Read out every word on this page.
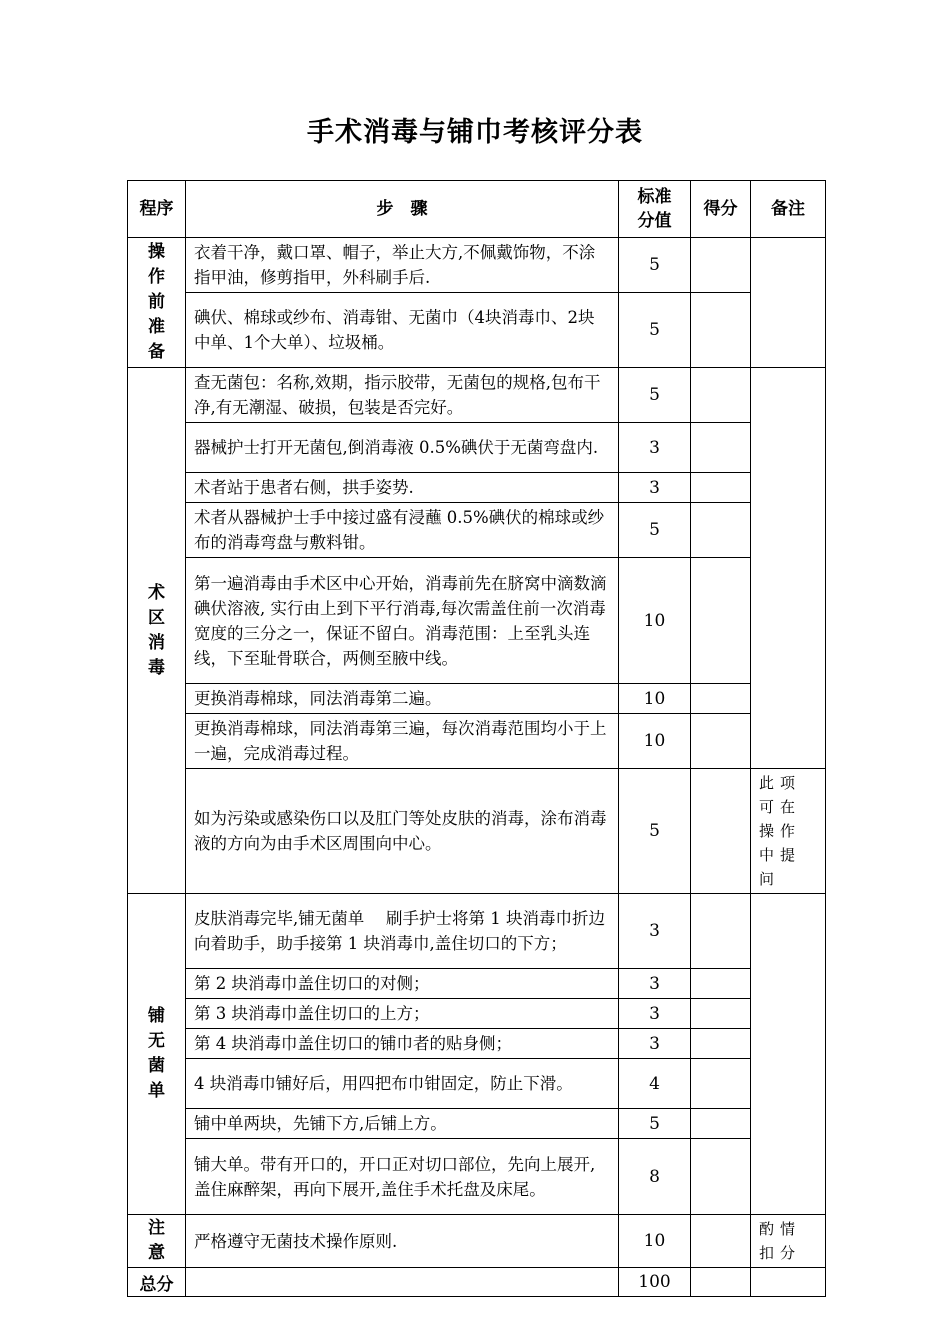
手术消毒与铺巾考核评分表
程序	步　骤	标准分值	得分	备注
操作前准备	衣着干净，戴口罩、帽子，举止大方,不佩戴饰物，不涂指甲油，修剪指甲，外科刷手后.	5		
	碘伏、棉球或纱布、消毒钳、无菌巾（4块消毒巾、2块中单、1个大单）、垃圾桶。	5		
术区消毒	查无菌包：名称,效期，指示胶带，无菌包的规格,包布干净,有无潮湿、破损，包装是否完好。	5		
	器械护士打开无菌包,倒消毒液 0.5%碘伏于无菌弯盘内.	3		
	术者站于患者右侧，拱手姿势.	3		
	术者从器械护士手中接过盛有浸蘸 0.5%碘伏的棉球或纱布的消毒弯盘与敷料钳。	5		
	第一遍消毒由手术区中心开始，消毒前先在脐窝中滴数滴碘伏溶液, 实行由上到下平行消毒,每次需盖住前一次消毒宽度的三分之一，保证不留白。消毒范围：上至乳头连线，下至耻骨联合，两侧至腋中线。	10		
	更换消毒棉球，同法消毒第二遍。	10		
	更换消毒棉球，同法消毒第三遍，每次消毒范围均小于上一遍，完成消毒过程。	10		
	如为污染或感染伤口以及肛门等处皮肤的消毒，涂布消毒液的方向为由手术区周围向中心。	5		此项可在操作中提问
铺无菌单	皮肤消毒完毕,铺无菌单　 刷手护士将第 1 块消毒巾折边向着助手，助手接第 1 块消毒巾,盖住切口的下方；	3		
	第 2 块消毒巾盖住切口的对侧；	3		
	第 3 块消毒巾盖住切口的上方；	3		
	第 4 块消毒巾盖住切口的铺巾者的贴身侧；	3		
	4 块消毒巾铺好后，用四把布巾钳固定，防止下滑。	4		
	铺中单两块，先铺下方,后铺上方。	5		
	铺大单。带有开口的，开口正对切口部位，先向上展开,盖住麻醉架，再向下展开,盖住手术托盘及床尾。	8		
注意	严格遵守无菌技术操作原则.	10		酌情扣分
总分		100		
